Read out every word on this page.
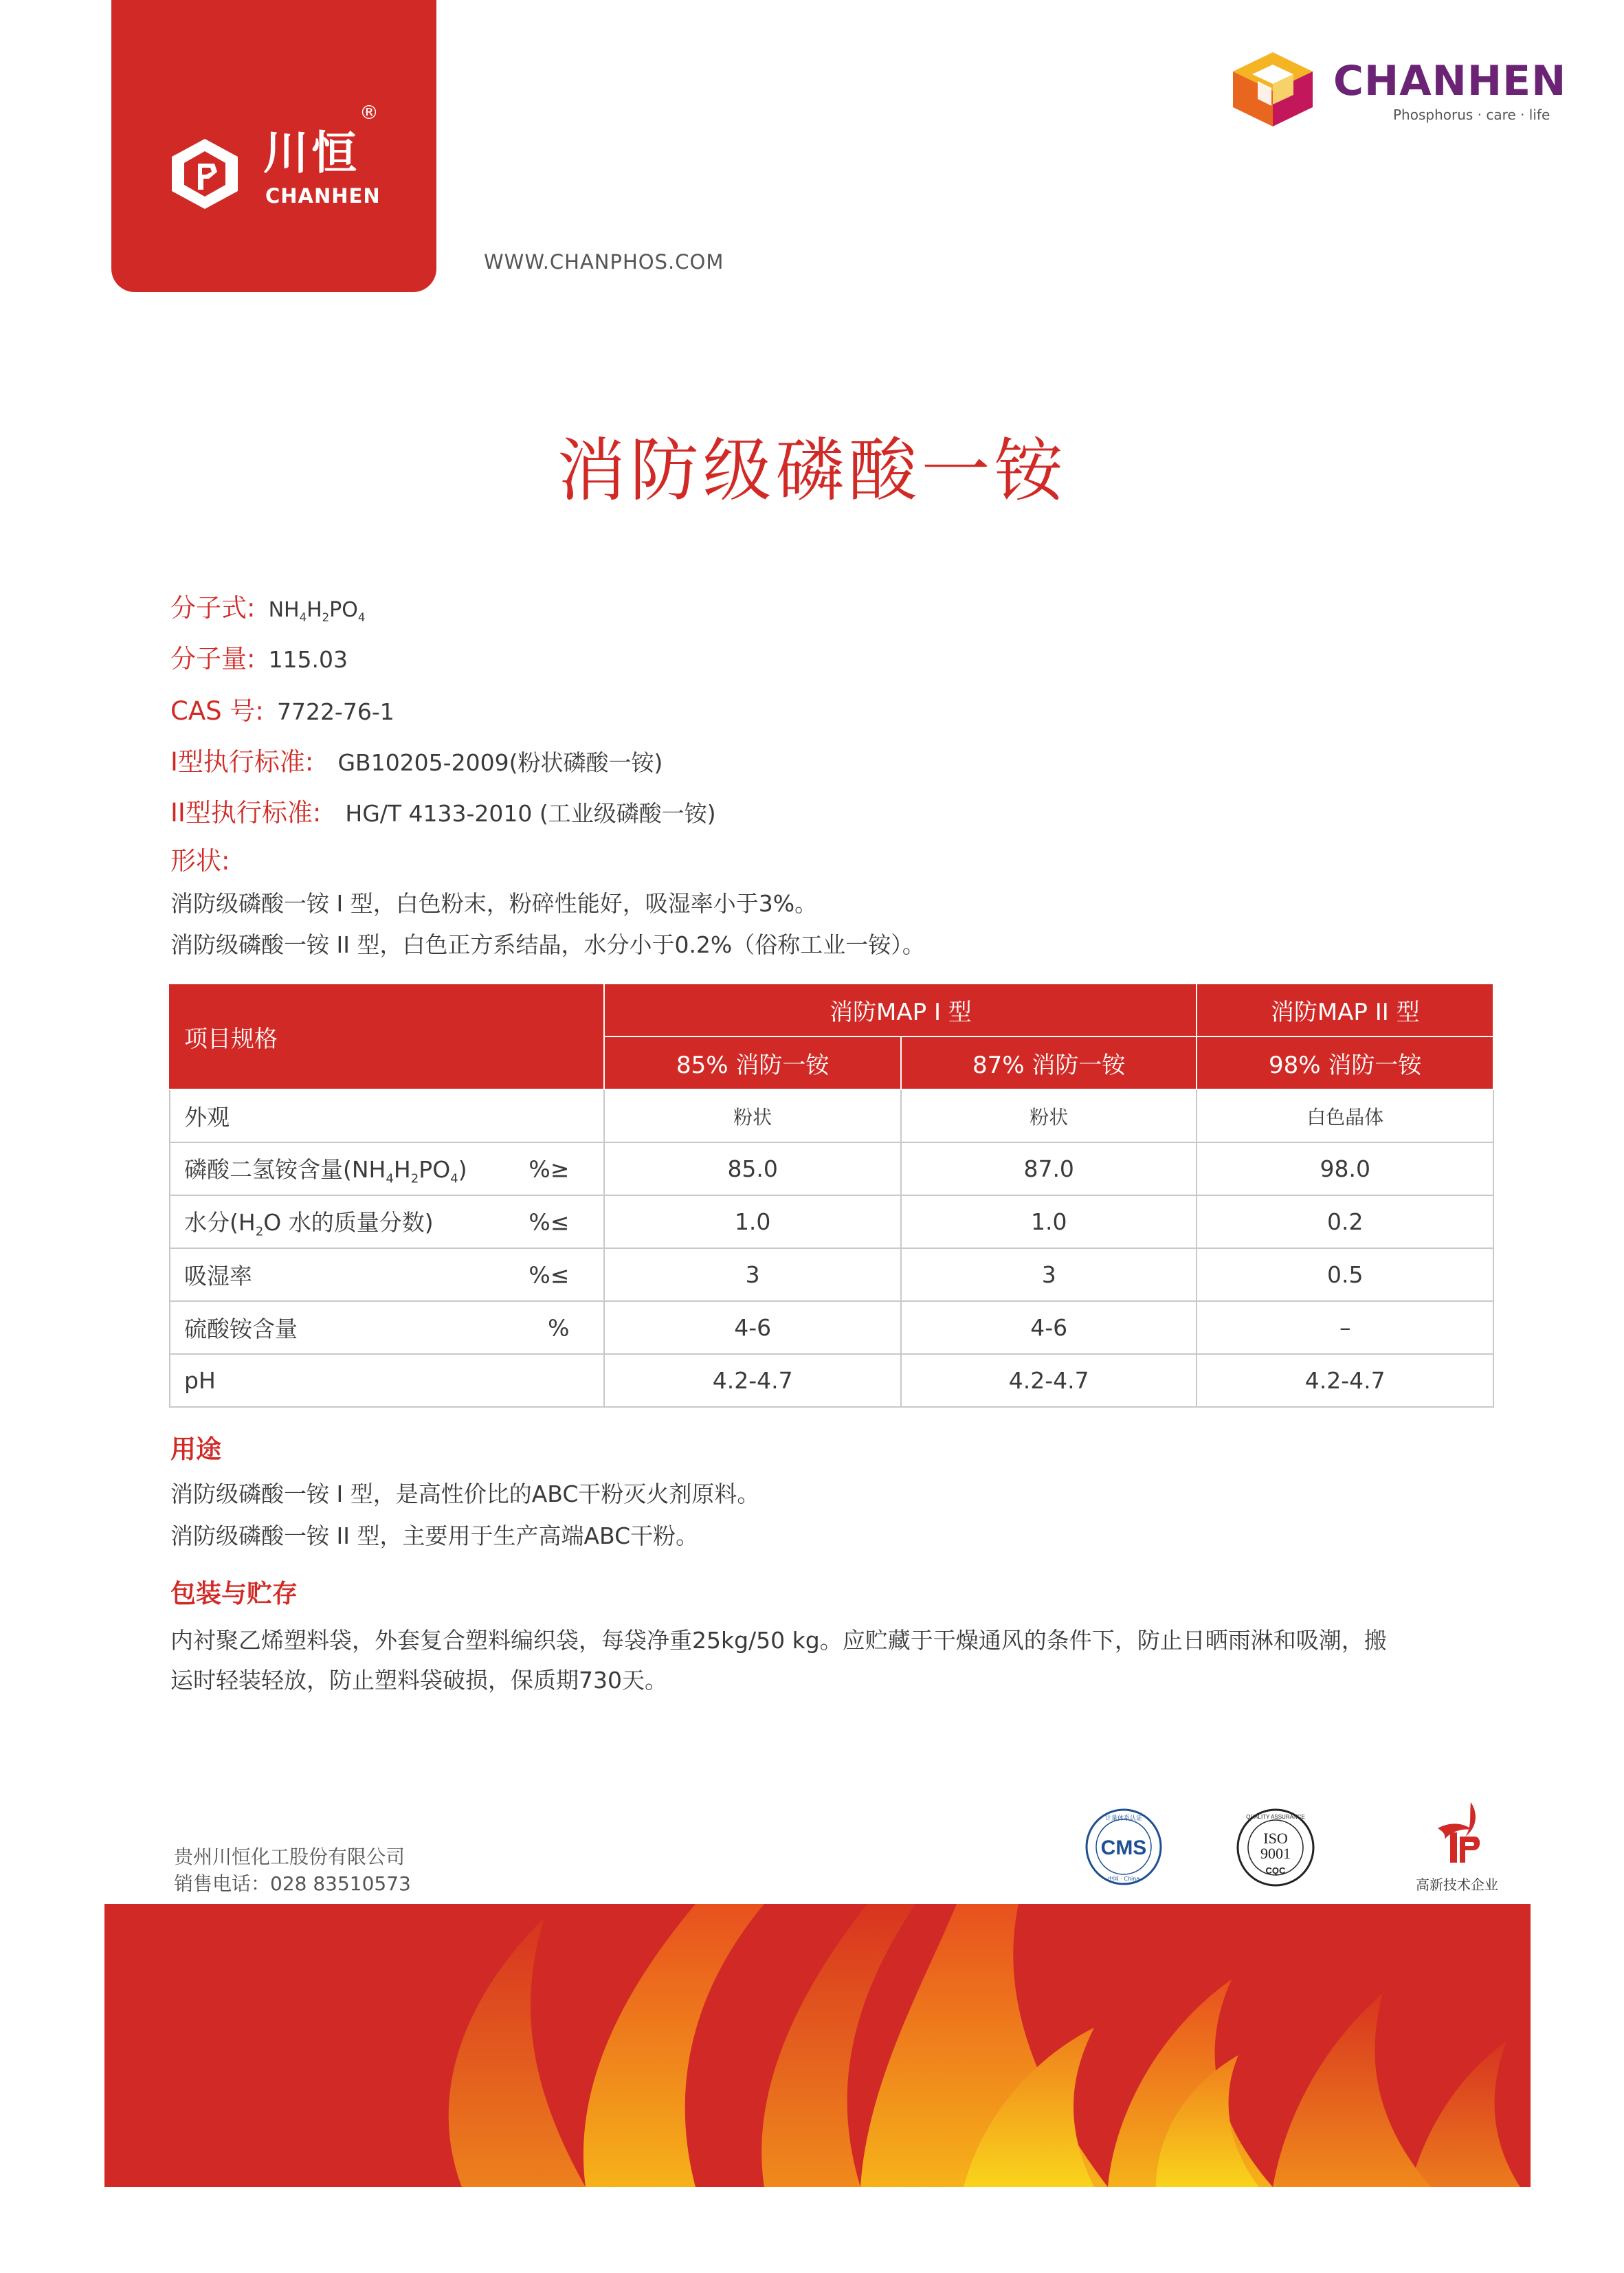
川恒
CHANHEN
®
WWW.CHANPHOS.COM
CHANHEN
Phosphorus · care · life
消防级磷酸一铵
分子式: $NH_4H_2PO_4$
分子量: 115.03
CAS 号: 7722-76-1
I型执行标准: GB10205-2009(粉状磷酸一铵)
II型执行标准: HG/T 4133-2010 (工业级磷酸一铵)
形状:
消防级磷酸一铵 I 型，白色粉末，粉碎性能好，吸湿率小于3%。
消防级磷酸一铵 II 型，白色正方系结晶，水分小于0.2%（俗称工业一铵）。
项目规格	消防MAP I 型		消防MAP II 型
	85% 消防一铵	87% 消防一铵	98% 消防一铵
外观	粉状	粉状	白色晶体
磷酸二氢铵含量$(NH_4H_2PO_4)$ %≥	85.0	87.0	98.0
水分($H_2O$ 水的质量分数) %≤	1.0	1.0	0.2
吸湿率 %≤	3	3	0.5
硫酸铵含量 %	4-6	4-6	–
pH	4.2-4.7	4.2-4.7	4.2-4.7
用途
消防级磷酸一铵 I 型，是高性价比的ABC干粉灭火剂原料。
消防级磷酸一铵 II 型，主要用于生产高端ABC干粉。
包装与贮存
内衬聚乙烯塑料袋，外套复合塑料编织袋，每袋净重25kg/50 kg。应贮藏于干燥通风的条件下，防止日晒雨淋和吸潮，搬
运时轻装轻放，防止塑料袋破损，保质期730天。
贵州川恒化工股份有限公司
销售电话：028 83510573
CMS
计量体系认证
中国 · China
QUALITY ASSURANCE
ISO
9001
CQC
高新技术企业
